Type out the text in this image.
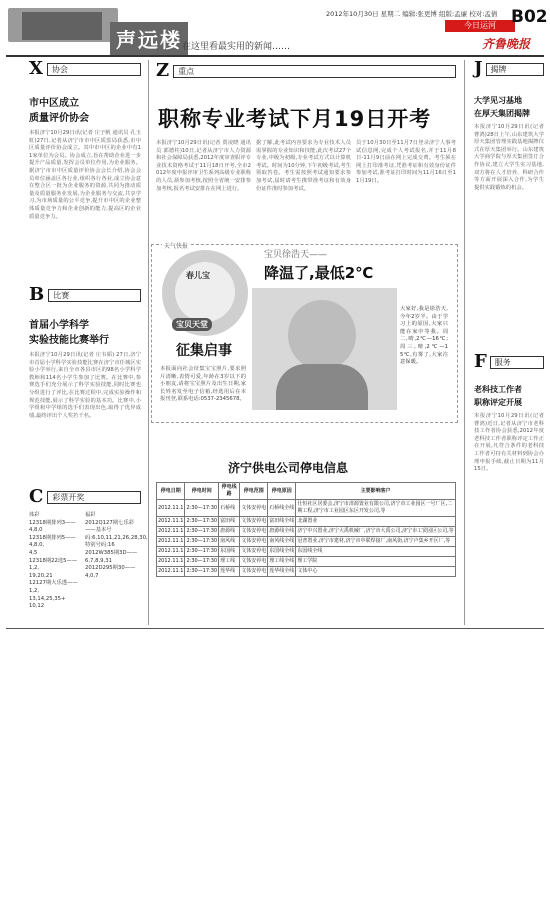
声远楼 在这里看最实用的新闻……
2012年10月30日 星期二 编辑:张更博 组版:孟廉 校对:孟倩
今日运河 B02
齐鲁晚报
X	协会
市中区成立
质量评价协会
本报济宁10月29日讯(记者 庄子帆 通讯员 孔玉虹)27日,记者从济宁市市中区质监局获悉,市中区质量评价协会成立。其中市中区的企业中有11家单位为会员。协会成立,旨在帮助企业进一步提升产品质量,发挥会员单位作用,为企业服务。据济宁市市中区质量评价协会会长介绍,协会会员单位涵盖区各行业,组织各行各业,成立协会意在整合区一批为企业服务的资源,共同为推动质量及质量服务业发展,为企业服务与交流,共享学习,为市场质量的公平竞争,提升市中区的企业整体质量竞争力和企业创新的能力,提高区的企业质量竞争力。
B	比赛
首届小学科学
实验技能比赛举行
本报济宁10月29日讯(记者 庄韦韬) 27日,济宁市首届小学科学实验技能比赛在济宁市任城区实验小学举行,来自全市各县市区的98名小学科学教师和114名小学生参加了比赛。在比赛中,参赛选手们充分展示了科学实验技能,同时比赛也分组进行了评比,在比赛过程中,完成实验操作和规范技能,展示了科学实验的基本功。比赛中,小学组和中学组的选手们表现出色,取得了优异成绩,最终评出个人奖若干名。
C	彩票开奖
体彩
12318期排列3——4,8,0
12318期排列5——4,8,0,
4,5
12318期22选5——1,2,
19,20,21
12127期大乐透——1,2,
13,14,25,35+
10,12
福彩
2012Q127期七乐彩——基本号码:6,10,11,21,26,28,30,特别号码:16
2012W385期3D——6,7,8,9,31
2012D295期30——4,0,7
Z	重点
职称专业考试下月19日开考
本报济宁10月29日讯(记者 贾凌晓 通讯员 郭德柱)10日,记者从济宁市人力资源和社会保障局获悉,2012年度审查职评专业技术资格考试于11月18日开考,全市2012年度申报评审卫生系列高级专业职称的人员,须参加考核,按照全省统一安排参加考核,报名考试安排在在网上进行。
据了解,此考试内容要求为专业技术人员需掌握的专业知识和技能,此次考试27个专业,中级为初级,专业考试方式以计算机考试。时间为10分钟,下午初级考试,考生领取答卷。考生需按照考试通知要求参加考试,届时请考生携带准考证和有效身份证件准时参加考试。
员于10月30日至11月7日登录济宁人事考试信息网,完成个人考试报名,并于11月8日-11月9日前在网上完成交费。考生须在网上打印准考证,凭准考证和有效身份证件参加考试,准考证打印时间为11月16日至11月19日。
天气快报
春儿宝
宝贝天堂
征集启事
本报面向社会征集宝宝照片,要求照片清晰,表情可爱,年龄在3岁以下的小朋友,请将宝宝照片及出生日期,家长姓名发至电子信箱,经选用后在本报刊登,联系电话:0537-2345678。
宝贝徐浩天——
降温了,最低2℃
大家好,我是徐浩天,今年2岁半。由于学习上的原因,大家只能在家中等我。周二,晴,2℃—16℃;周三,晴,2℃—15℃,有雾了,大家注意保暖。
济宁供电公司停电信息
停电日期	停电时间	停电线路	停电范围	停电原因	主要影响客户
2012.11.1	2:30—17:30	石桥线	文体安停电	石桥线全线	仕恒社区居委会,济宁市清源置业有限公司,济宁市工业园区一号厂区,二期工程,济宁市工业园区东区开发公司,等
2012.11.1	2:30—17:30	富田线	文体安停电	富田线全线	北湖置业
2012.11.1	2:30—17:30	唐源线	文体安停电	唐源线全线	济宁中兴置业,济宁大禹机械厂,济宁市大禹公司,济宁市工贸园区公司,等
2012.11.1	2:30—17:30	南风线	文体安停电	南风线全线	冠普置业,济宁市建材,济宁市中联焊接厂,南风街,济宁卢集乡开区厂,等
2012.11.1	2:30—17:30	东国线	文体安停电	东国线全线	东国线全线
2012.11.1	2:30—17:30	理工线	文体安停电	理工线全线	理工学院
2012.11.1	2:30—17:30	莲华线	文体安停电	莲华线全线	文体中心
J	揭牌
大学见习基地
在厚天集团揭牌
本报济宁10月29日讯(记者 曹鸿)28日上午,山东建筑大学厚天集团管理实践基地揭牌仪式在厚天集团举行。山东建筑大学商学院与厚天集团签订合作协议,建立大学生实习基地,双方将在人才培养、科研合作等方面开展深入合作,为学生提供实践锻炼的机会。
F	服务
老科技工作者
职称评定开展
本报济宁10月29日讯(记者 曹鸿)近日,记者从济宁市老科技工作者协会获悉,2012年度老科技工作者职称评定工作正在开展,凡符合条件的老科技工作者可持有关材料到协会办理申报手续,截止日期为11月15日。
